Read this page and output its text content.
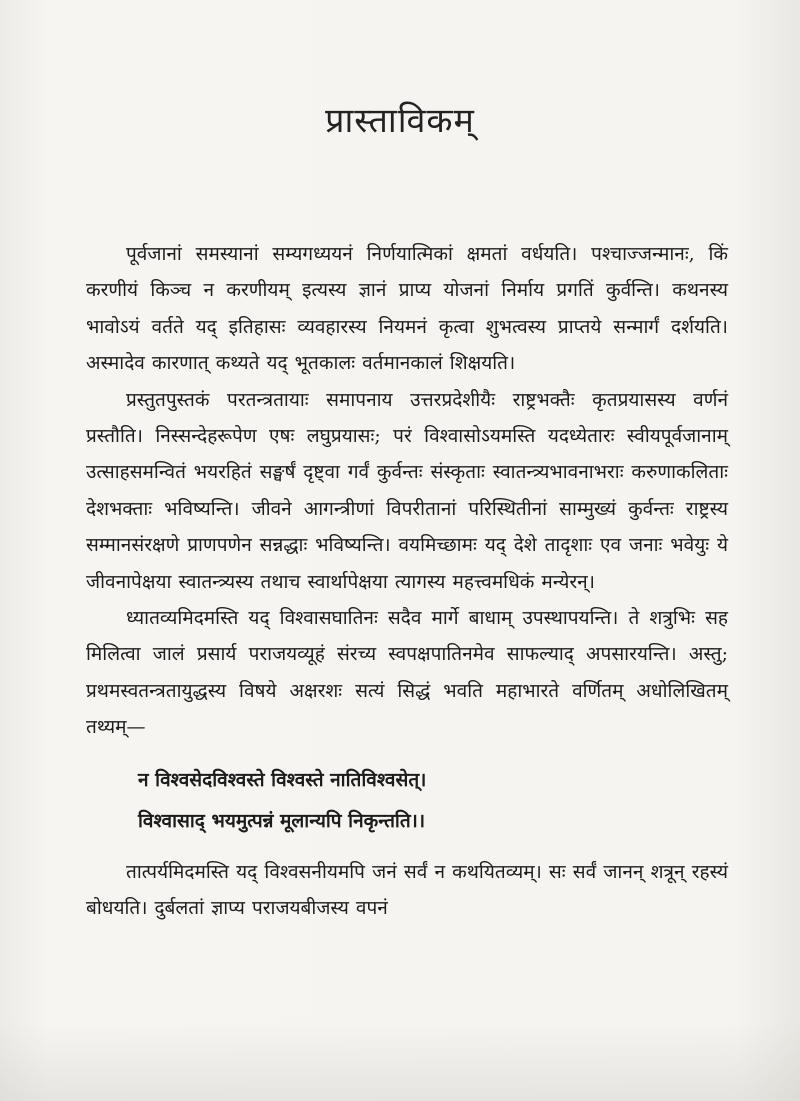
प्रास्ताविकम्

पूर्वजानां समस्यानां सम्यगध्ययनं निर्णयात्मिकां क्षमतां वर्धयति। पश्चाज्जन्मानः, किं करणीयं किञ्च न करणीयम् इत्यस्य ज्ञानं प्राप्य योजनां निर्माय प्रगतिं कुर्वन्ति। कथनस्य भावोऽयं वर्तते यद् इतिहासः व्यवहारस्य नियमनं कृत्वा शुभत्वस्य प्राप्तये सन्मार्गं दर्शयति। अस्मादेव कारणात् कथ्यते यद् भूतकालः वर्तमानकालं शिक्षयति।

प्रस्तुतपुस्तकं परतन्त्रतायाः समापनाय उत्तरप्रदेशीयैः राष्ट्रभक्तैः कृतप्रयासस्य वर्णनं प्रस्तौति। निस्सन्देहरूपेण एषः लघुप्रयासः; परं विश्वासोऽयमस्ति यदध्येतारः स्वीयपूर्वजानाम् उत्साहसमन्वितं भयरहितं सङ्घर्षं दृष्ट्वा गर्वं कुर्वन्तः संस्कृताः स्वातन्त्र्यभावनाभराः करुणाकलिताः देशभक्ताः भविष्यन्ति। जीवने आगन्त्रीणां विपरीतानां परिस्थितीनां साम्मुख्यं कुर्वन्तः राष्ट्रस्य सम्मानसंरक्षणे प्राणपणेन सन्नद्धाः भविष्यन्ति। वयमिच्छामः यद् देशे तादृशाः एव जनाः भवेयुः ये जीवनापेक्षया स्वातन्त्र्यस्य तथाच स्वार्थापेक्षया त्यागस्य महत्त्वमधिकं मन्येरन्।

ध्यातव्यमिदमस्ति यद् विश्वासघातिनः सदैव मार्गे बाधाम् उपस्थापयन्ति। ते शत्रुभिः सह मिलित्वा जालं प्रसार्य पराजयव्यूहं संरच्य स्वपक्षपातिनमेव साफल्याद् अपसारयन्ति। अस्तु; प्रथमस्वतन्त्रतायुद्धस्य विषये अक्षरशः सत्यं सिद्धं भवति महाभारते वर्णितम् अधोलिखितम् तथ्यम्—

न विश्वसेदविश्वस्ते विश्वस्ते नातिविश्वसेत्।
विश्वासाद् भयमुत्पन्नं मूलान्यपि निकृन्तति।।

तात्पर्यमिदमस्ति यद् विश्वसनीयमपि जनं सर्वं न कथयितव्यम्। सः सर्वं जानन् शत्रून् रहस्यं बोधयति। दुर्बलतां ज्ञाप्य पराजयबीजस्य वपनं
